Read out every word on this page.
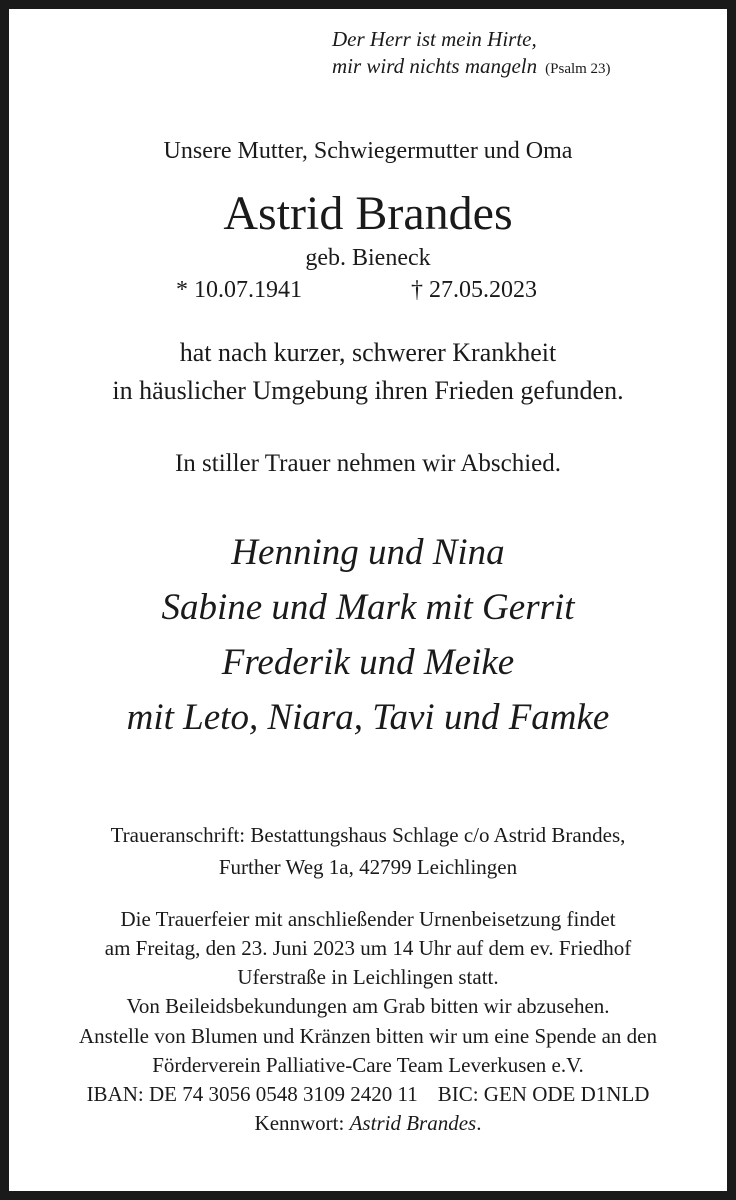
Der Herr ist mein Hirte,
mir wird nichts mangeln (Psalm 23)
Unsere Mutter, Schwiegermutter und Oma
Astrid Brandes
geb. Bieneck
* 10.07.1941	† 27.05.2023
hat nach kurzer, schwerer Krankheit
in häuslicher Umgebung ihren Frieden gefunden.
In stiller Trauer nehmen wir Abschied.
Henning und Nina
Sabine und Mark mit Gerrit
Frederik und Meike
mit Leto, Niara, Tavi und Famke
Traueranschrift: Bestattungshaus Schlage c/o Astrid Brandes,
Further Weg 1a, 42799 Leichlingen
Die Trauerfeier mit anschließender Urnenbeisetzung findet
am Freitag, den 23. Juni 2023 um 14 Uhr auf dem ev. Friedhof
Uferstraße in Leichlingen statt.
Von Beileidsbekundungen am Grab bitten wir abzusehen.
Anstelle von Blumen und Kränzen bitten wir um eine Spende an den
Förderverein Palliative-Care Team Leverkusen e.V.
IBAN: DE 74 3056 0548 3109 2420 11 BIC: GEN ODE D1NLD
Kennwort: Astrid Brandes.
